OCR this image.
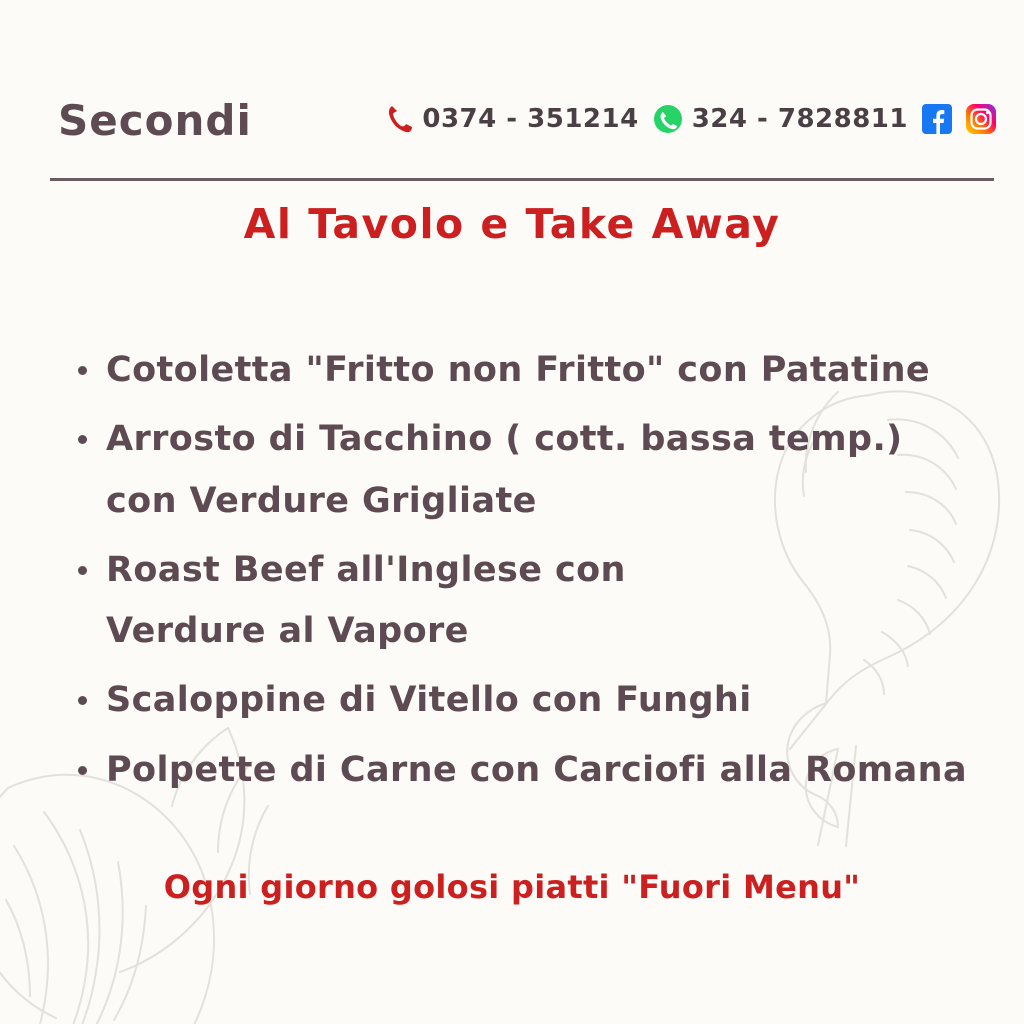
Secondi	0374 - 351214 324 - 7828811
Al Tavolo e Take Away
Cotoletta "Fritto non Fritto" con Patatine
Arrosto di Tacchino ( cott. bassa temp.)
con Verdure Grigliate
Roast Beef all'Inglese con
Verdure al Vapore
Scaloppine di Vitello con Funghi
Polpette di Carne con Carciofi alla Romana
Ogni giorno golosi piatti "Fuori Menu"
